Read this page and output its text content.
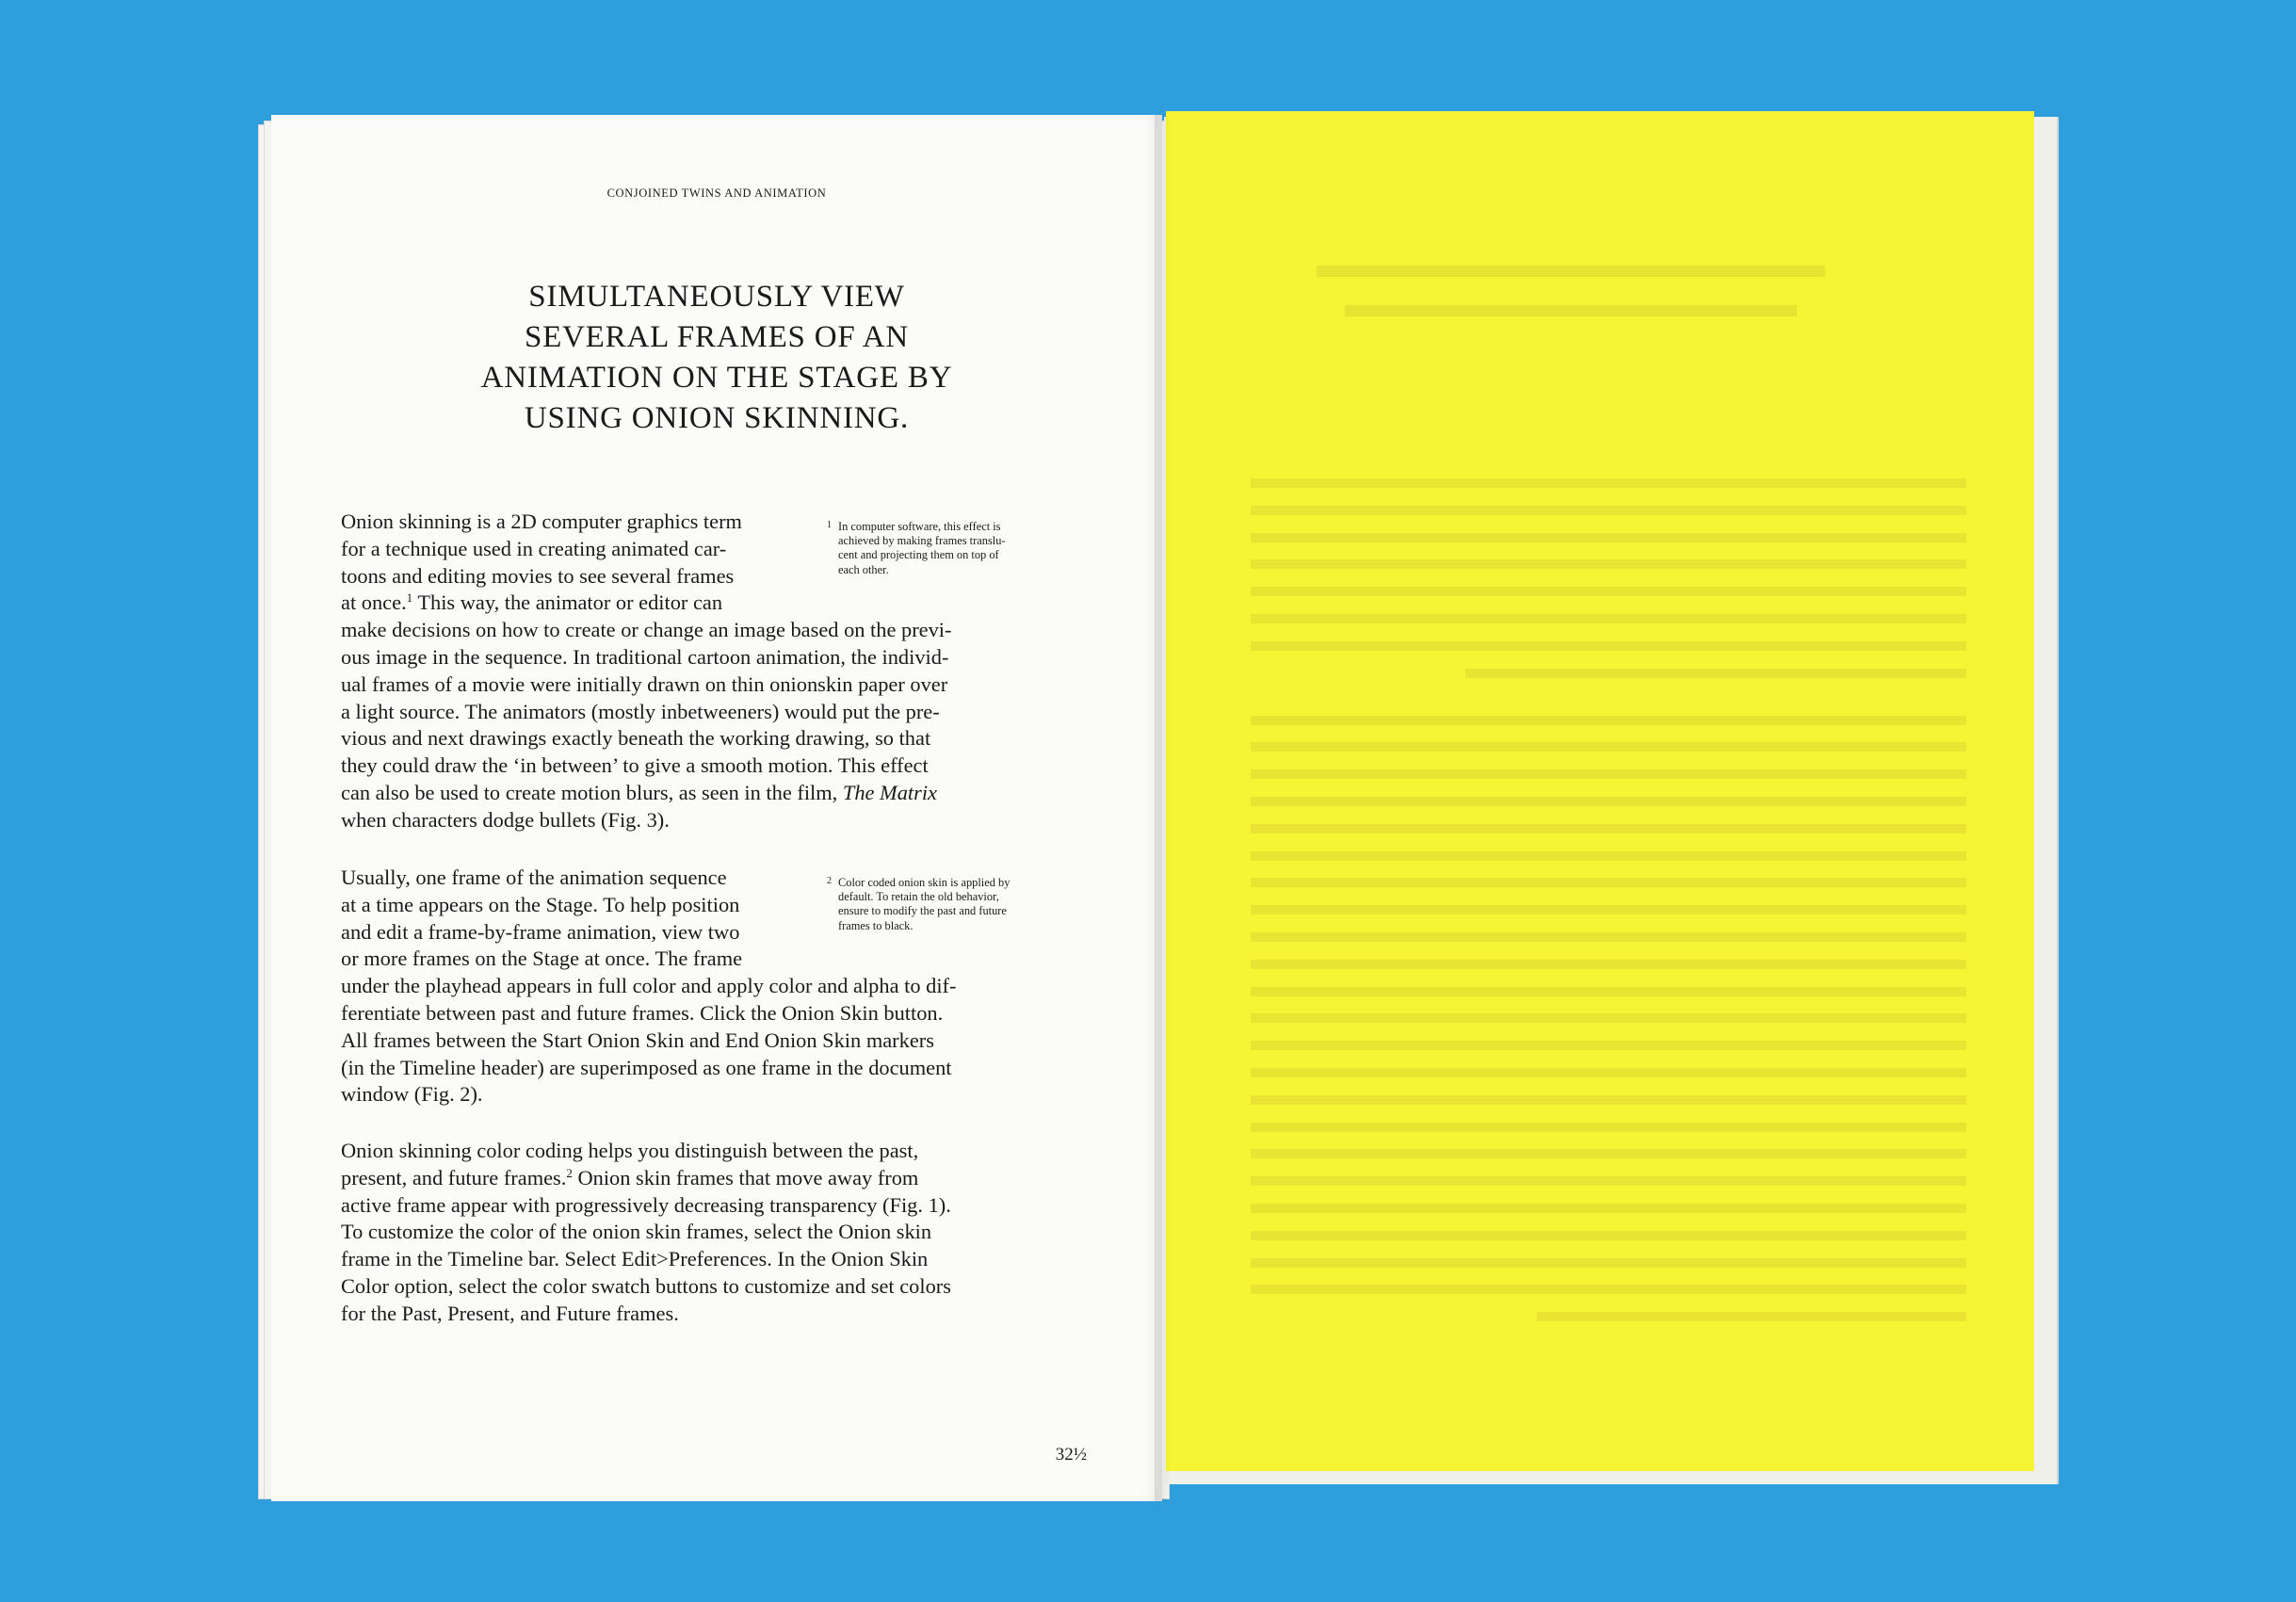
CONJOINED TWINS AND ANIMATION
SIMULTANEOUSLY VIEW
SEVERAL FRAMES OF AN
ANIMATION ON THE STAGE BY
USING ONION SKINNING.
Onion skinning is a 2D computer graphics term
for a technique used in creating animated car-
toons and editing movies to see several frames
at once.$^1$ This way, the animator or editor can
make decisions on how to create or change an image based on the previ-
ous image in the sequence. In traditional cartoon animation, the individ-
ual frames of a movie were initially drawn on thin onionskin paper over
a light source. The animators (mostly inbetweeners) would put the pre-
vious and next drawings exactly beneath the working drawing, so that
they could draw the ‘in between’ to give a smooth motion. This effect
can also be used to create motion blurs, as seen in the film, The Matrix
when characters dodge bullets (Fig. 3).
1 In computer software, this effect is
achieved by making frames translu-
cent and projecting them on top of
each other.
Usually, one frame of the animation sequence
at a time appears on the Stage. To help position
and edit a frame-by-frame animation, view two
or more frames on the Stage at once. The frame
under the playhead appears in full color and apply color and alpha to dif-
ferentiate between past and future frames. Click the Onion Skin button.
All frames between the Start Onion Skin and End Onion Skin markers
(in the Timeline header) are superimposed as one frame in the document
window (Fig. 2).
2 Color coded onion skin is applied by
default. To retain the old behavior,
ensure to modify the past and future
frames to black.
Onion skinning color coding helps you distinguish between the past,
present, and future frames.$^2$ Onion skin frames that move away from
active frame appear with progressively decreasing transparency (Fig. 1).
To customize the color of the onion skin frames, select the Onion skin
frame in the Timeline bar. Select Edit>Preferences. In the Onion Skin
Color option, select the color swatch buttons to customize and set colors
for the Past, Present, and Future frames.
32½
